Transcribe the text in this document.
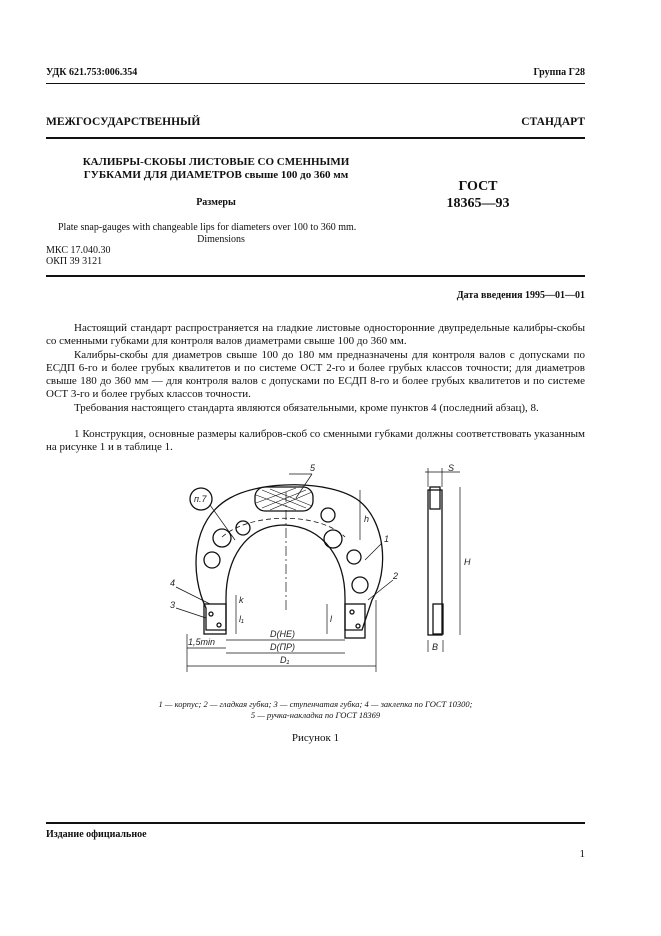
УДК 621.753:006.354	Группа Г28
МЕЖГОСУДАРСТВЕННЫЙ СТАНДАРТ
КАЛИБРЫ-СКОБЫ ЛИСТОВЫЕ СО СМЕННЫМИ
ГУБКАМИ ДЛЯ ДИАМЕТРОВ свыше 100 до 360 мм
Размеры
ГОСТ
18365—93
Plate snap-gauges with changeable lips for diameters over 100 to 360 mm.
Dimensions
МКС 17.040.30
ОКП 39 3121
Дата введения 1995—01—01
Настоящий стандарт распространяется на гладкие листовые односторонние двупредельные калибры-скобы со сменными губками для контроля валов диаметрами свыше 100 до 360 мм.
Калибры-скобы для диаметров свыше 100 до 180 мм предназначены для контроля валов с допусками по ЕСДП 6-го и более грубых квалитетов и по системе ОСТ 2-го и более грубых классов точности; для диаметров свыше 180 до 360 мм — для контроля валов с допусками по ЕСДП 8-го и более грубых квалитетов и по системе ОСТ 3-го и более грубых классов точности.
Требования настоящего стандарта являются обязательными, кроме пунктов 4 (последний абзац), 8.
1 Конструкция, основные размеры калибров-скоб со сменными губками должны соответствовать указанным на рисунке 1 и в таблице 1.
п.7
5
1
2
4
3
h
k
l₁	l
D(НЕ)
D(ПР)
D₁
1,5min
S
H
B
1 — корпус; 2 — гладкая губка; 3 — ступенчатая губка; 4 — заклепка по ГОСТ 10300;
5 — ручка-накладка по ГОСТ 18369
Рисунок 1
Издание официальное
1
